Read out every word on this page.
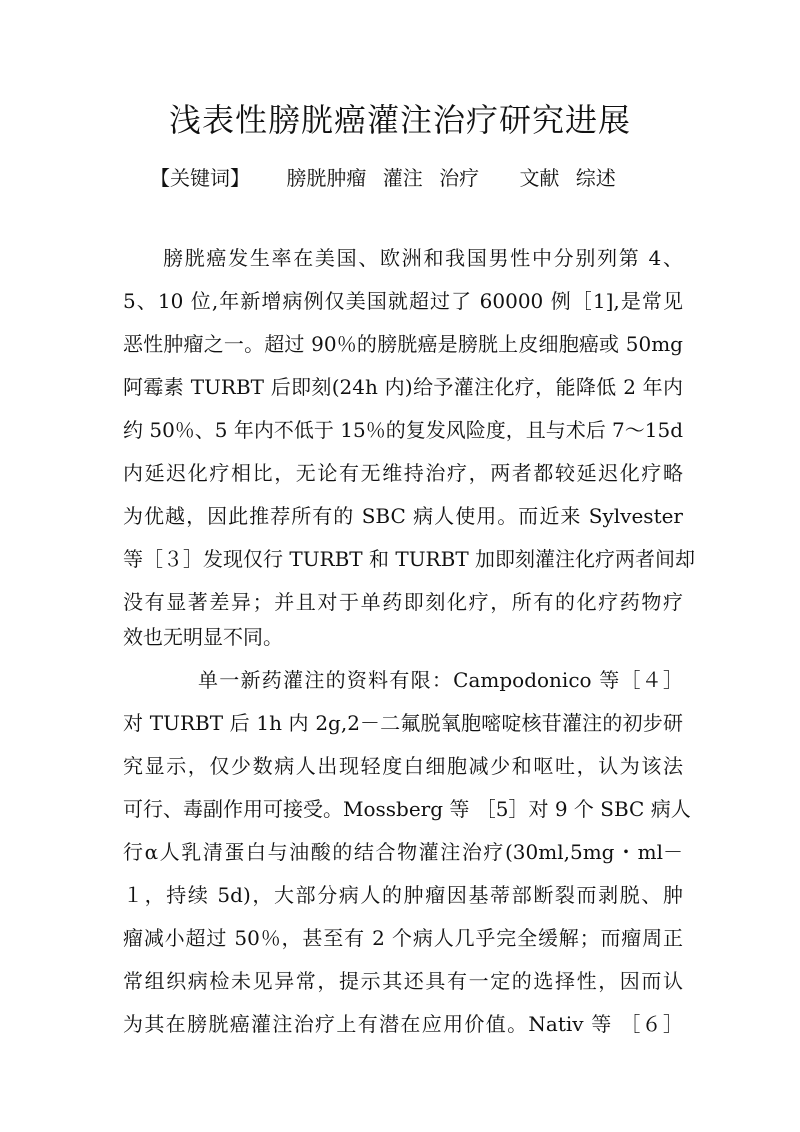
浅表性膀胱癌灌注治疗研究进展
【关键词】 膀胱肿瘤 灌注 治疗 文献 综述
膀胱癌发生率在美国、欧洲和我国男性中分别列第 4、
5、10 位,年新增病例仅美国就超过了 60000 例［1],是常见
恶性肿瘤之一。超过 90％的膀胱癌是膀胱上皮细胞癌或 50mg
阿霉素 TURBT 后即刻(24h 内)给予灌注化疗，能降低 2 年内
约 50％、5 年内不低于 15％的复发风险度，且与术后 7～15d
内延迟化疗相比，无论有无维持治疗，两者都较延迟化疗略
为优越，因此推荐所有的 SBC 病人使用。而近来 Sylvester
等［３］发现仅行 TURBT 和 TURBT 加即刻灌注化疗两者间却
没有显著差异；并且对于单药即刻化疗，所有的化疗药物疗
效也无明显不同。
单一新药灌注的资料有限：Campodonico 等［４］
对 TURBT 后 1h 内 2g,2－二氟脱氧胞嘧啶核苷灌注的初步研
究显示，仅少数病人出现轻度白细胞减少和呕吐，认为该法
可行、毒副作用可接受。Mossberg 等 ［5］对 9 个 SBC 病人
行α人乳清蛋白与油酸的结合物灌注治疗(30ml,5mg・ml－
１，持续 5d)，大部分病人的肿瘤因基蒂部断裂而剥脱、肿
瘤减小超过 50％，甚至有 2 个病人几乎完全缓解；而瘤周正
常组织病检未见异常，提示其还具有一定的选择性，因而认
为其在膀胱癌灌注治疗上有潜在应用价值。Nativ 等 ［６］
